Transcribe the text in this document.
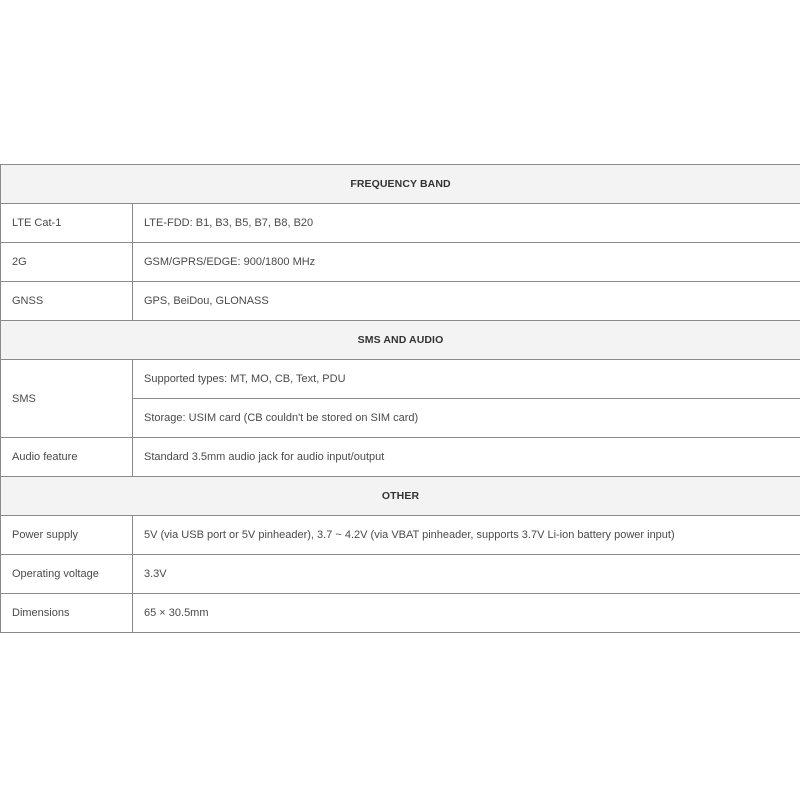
FREQUENCY BAND	
LTE Cat-1	LTE-FDD: B1, B3, B5, B7, B8, B20
2G	GSM/GPRS/EDGE: 900/1800 MHz
GNSS	GPS, BeiDou, GLONASS
SMS AND AUDIO	
SMS	Supported types: MT, MO, CB, Text, PDU
	Storage: USIM card (CB couldn't be stored on SIM card)
Audio feature	Standard 3.5mm audio jack for audio input/output
OTHER	
Power supply	5V (via USB port or 5V pinheader), 3.7 ~ 4.2V (via VBAT pinheader, supports 3.7V Li-ion battery power input)
Operating voltage	3.3V
Dimensions	65 × 30.5mm
